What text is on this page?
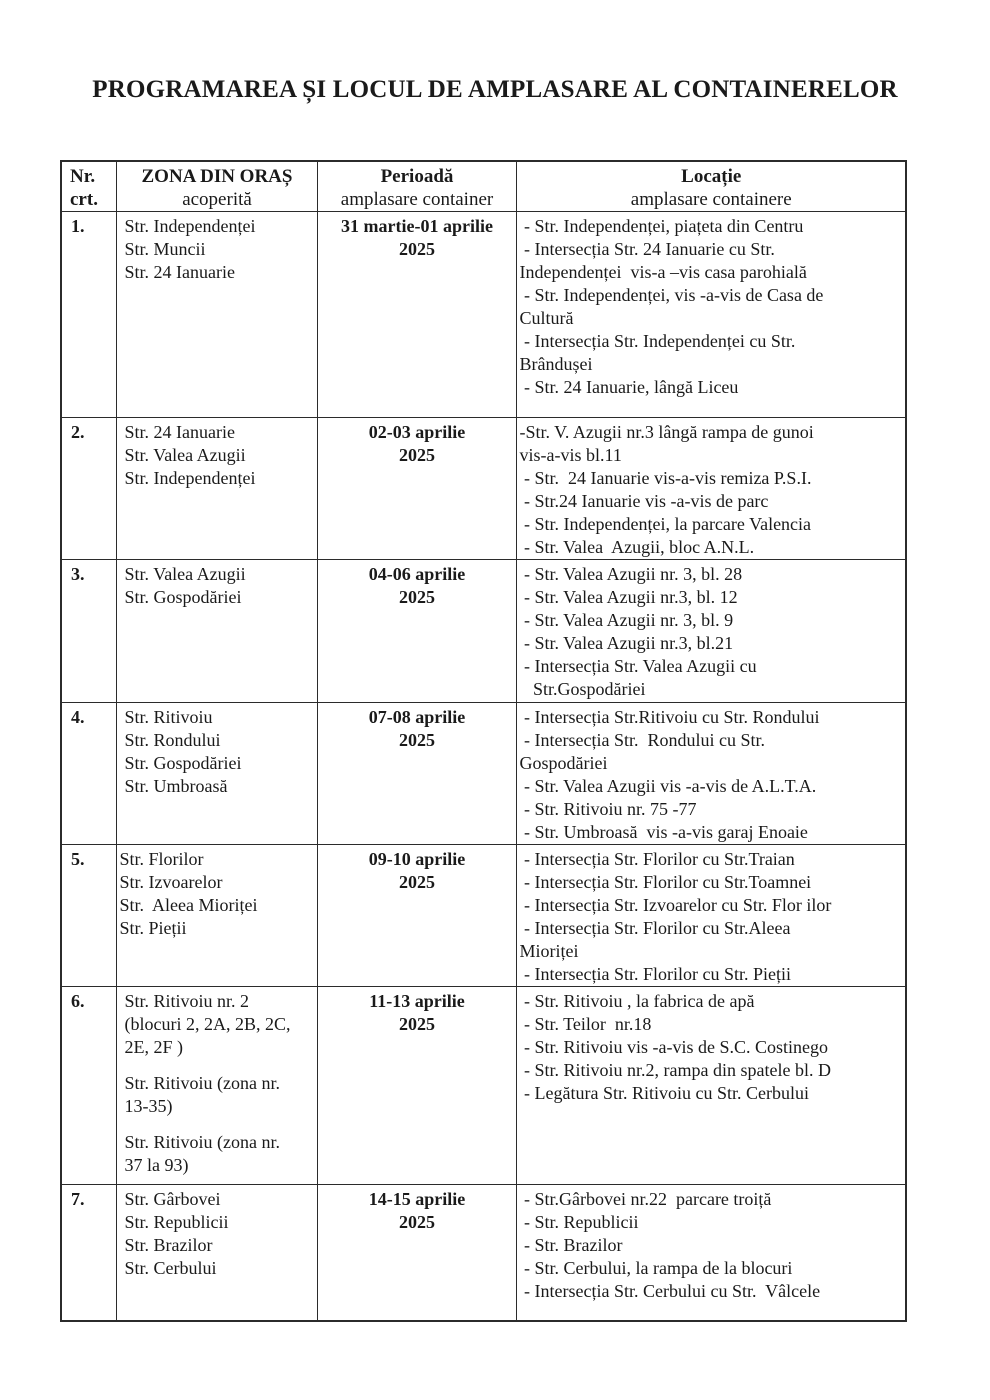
PROGRAMAREA ȘI LOCUL DE AMPLASARE AL CONTAINERELOR
Nr.
crt.

ZONA DIN ORAȘ
acoperită

Perioadă
amplasare container

Locație
amplasare containere

1.	Str. Independenței
Str. Muncii
Str. 24 Ianuarie

31 martie-01 aprilie
2025

- Str. Independenței, piațeta din Centru
- Intersecția Str. 24 Ianuarie cu Str.
Independenței  vis-a –vis casa parohială
- Str. Independenței, vis -a-vis de Casa de
Cultură
- Intersecția Str. Independenței cu Str.
Brândușei
- Str. 24 Ianuarie, lângă Liceu

2.	Str. 24 Ianuarie
Str. Valea Azugii
Str. Independenței

02-03 aprilie
2025

-Str. V. Azugii nr.3 lângă rampa de gunoi
vis-a-vis bl.11
- Str.  24 Ianuarie vis-a-vis remiza P.S.I.
- Str.24 Ianuarie vis -a-vis de parc
- Str. Independenței, la parcare Valencia
- Str. Valea  Azugii, bloc A.N.L.

3.	Str. Valea Azugii
Str. Gospodăriei

04-06 aprilie
2025

- Str. Valea Azugii nr. 3, bl. 28
- Str. Valea Azugii nr.3, bl. 12
- Str. Valea Azugii nr. 3, bl. 9
- Str. Valea Azugii nr.3, bl.21
- Intersecția Str. Valea Azugii cu
Str.Gospodăriei

4.	Str. Ritivoiu
Str. Rondului
Str. Gospodăriei
Str. Umbroasă

07-08 aprilie
2025

- Intersecția Str.Ritivoiu cu Str. Rondului
- Intersecția Str.  Rondului cu Str.
Gospodăriei
- Str. Valea Azugii vis -a-vis de A.L.T.A.
- Str. Ritivoiu nr. 75 -77
- Str. Umbroasă  vis -a-vis garaj Enoaie

5.	Str. Florilor
Str. Izvoarelor
Str.  Aleea Mioriței
Str. Pieții

09-10 aprilie
2025

- Intersecția Str. Florilor cu Str.Traian
- Intersecția Str. Florilor cu Str.Toamnei
- Intersecția Str. Izvoarelor cu Str. Flor ilor
- Intersecția Str. Florilor cu Str.Aleea
Mioriței
- Intersecția Str. Florilor cu Str. Pieții

6.	Str. Ritivoiu nr. 2
(blocuri 2, 2A, 2B, 2C,
2E, 2F )
Str. Ritivoiu (zona nr.
13-35)
Str. Ritivoiu (zona nr.
37 la 93)

11-13 aprilie
2025

- Str. Ritivoiu , la fabrica de apă
- Str. Teilor  nr.18
- Str. Ritivoiu vis -a-vis de S.C. Costinego
- Str. Ritivoiu nr.2, rampa din spatele bl. D
- Legătura Str. Ritivoiu cu Str. Cerbului

7.	Str. Gârbovei
Str. Republicii
Str. Brazilor
Str. Cerbului

14-15 aprilie
2025

- Str.Gârbovei nr.22  parcare troiță
- Str. Republicii
- Str. Brazilor
- Str. Cerbului, la rampa de la blocuri
- Intersecția Str. Cerbului cu Str.  Vâlcele
